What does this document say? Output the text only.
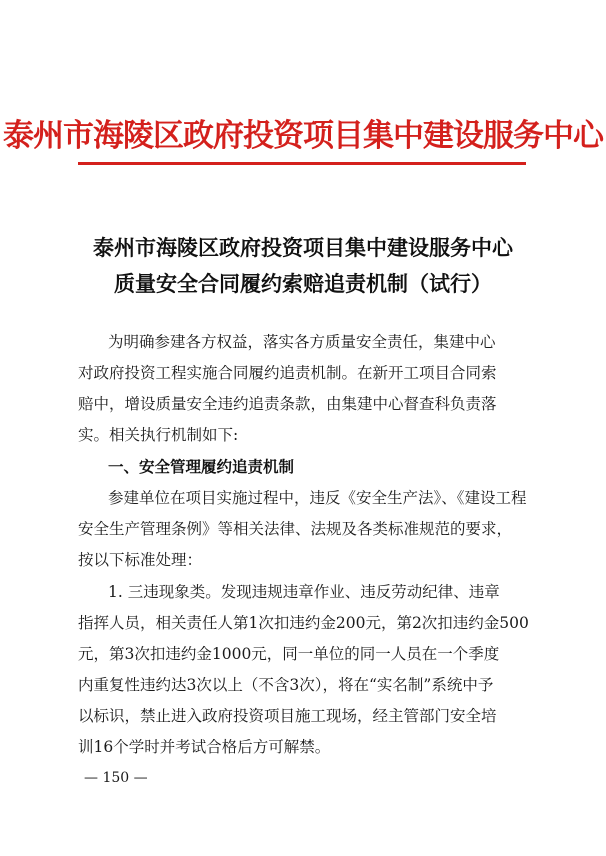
泰州市海陵区政府投资项目集中建设服务中心
泰州市海陵区政府投资项目集中建设服务中心
质量安全合同履约索赔追责机制（试行）
为明确参建各方权益，落实各方质量安全责任，集建中心
对政府投资工程实施合同履约追责机制。在新开工项目合同索
赔中，增设质量安全违约追责条款，由集建中心督查科负责落
实。相关执行机制如下:
一、安全管理履约追责机制
参建单位在项目实施过程中，违反《安全生产法》、《建设工程
安全生产管理条例》等相关法律、法规及各类标准规范的要求，
按以下标准处理：
1. 三违现象类。发现违规违章作业、违反劳动纪律、违章
指挥人员，相关责任人第1次扣违约金200元，第2次扣违约金500
元，第3次扣违约金1000元，同一单位的同一人员在一个季度
内重复性违约达3次以上（不含3次），将在“实名制”系统中予
以标识，禁止进入政府投资项目施工现场，经主管部门安全培
训16个学时并考试合格后方可解禁。
— 150 —
